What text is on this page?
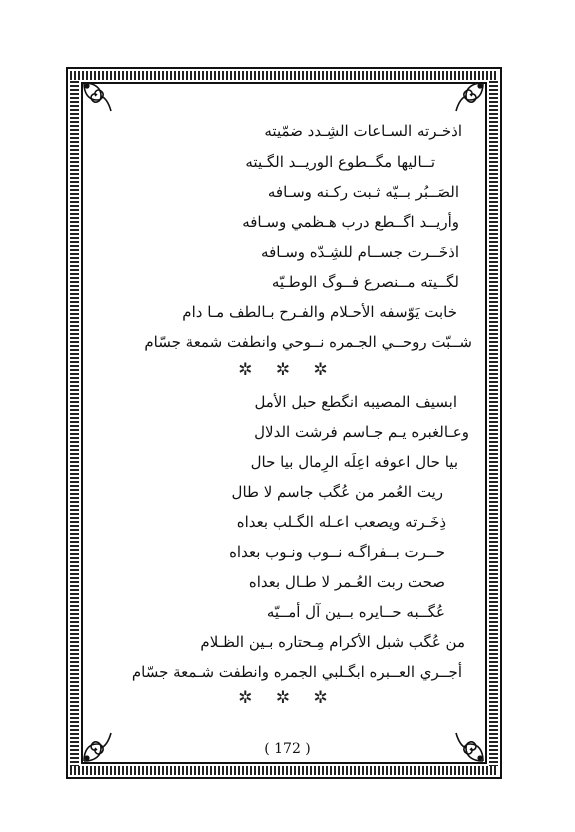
اذخـرته السـاعات الشِـدد ضمّيته
تــاليها مگــطوع الوريــد الگـيته
الصَــبُر بــيّه ثـبت ركـنه وسـافه
وأريــد اگــطع درب هـظمي وسـافه
اذخَــرت جســام للشِـدّه وسـافه
لگــيته مــنصرع فــوگ الوطـيّه
خابت يَوّسفه الأحـلام والفـرح بـالطف مـا دام
شــبّت روحــي الجـمره نــوحي وانطفت شمعة جسّام
✲ ✲ ✲
ابسيف المصيبه انگطع حبل الأمل
وعـالغبره يـم جـاسم فرشت الدلال
بيا حال اعوفه اعِلَه الرِمال بيا حال
ريت العُمر من عُگب جاسم لا طال
ذِخَـرته ويصعب اعـله الگـلب بعداه
حــرت بــفراگـه نــوب ونـوب بعداه
صحت ربت العُـمر لا طـال بعداه
عُگــبه حــايره بــين آل أمــيّه
من عُگب شبل الأكرام مِـحتاره بـين الظـلام
أجــري العــبره ابگـلبي الجمره وانطفت شـمعة جسّام
✲ ✲ ✲
( 172 )
